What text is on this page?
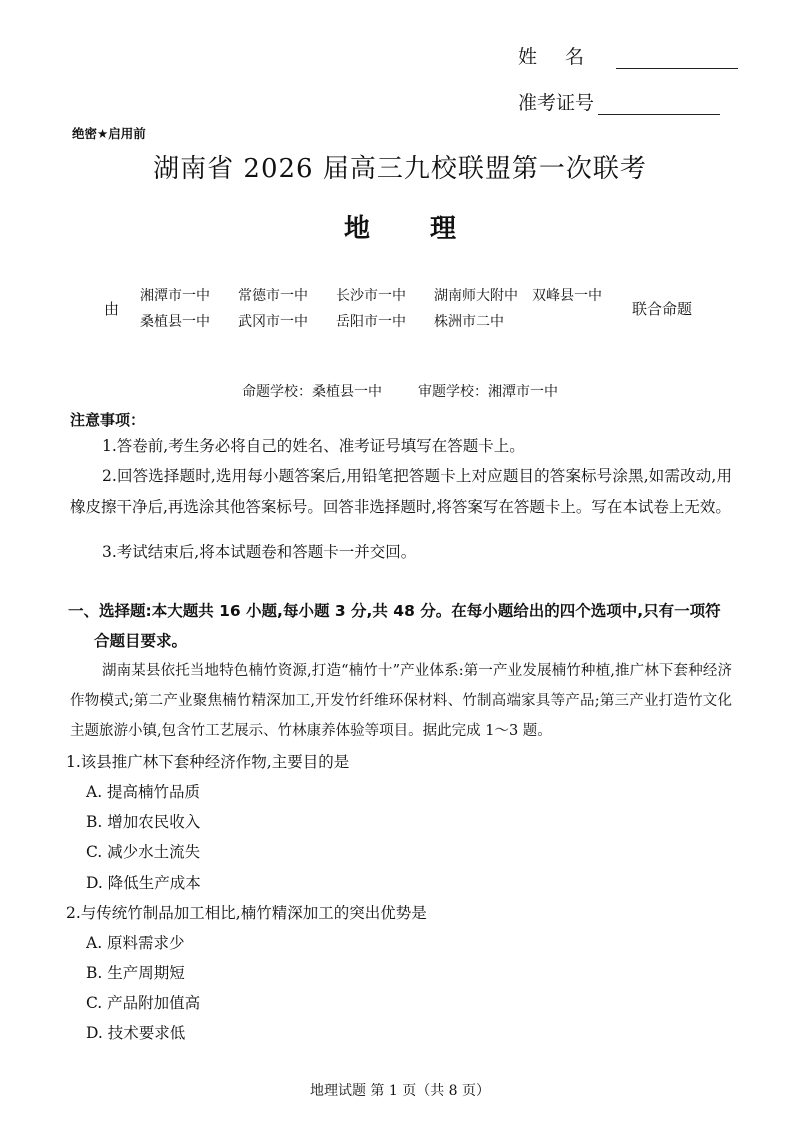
姓名
准考证号
绝密★启用前
湖南省 2026 届高三九校联盟第一次联考
地理
由
湘潭市一中	常德市一中	长沙市一中	湖南师大附中	双峰县一中
桑植县一中	武冈市一中	岳阳市一中	株洲市二中
联合命题
命题学校：桑植县一中	审题学校：湘潭市一中
注意事项：
1.答卷前,考生务必将自己的姓名、准考证号填写在答题卡上。
2.回答选择题时,选用每小题答案后,用铅笔把答题卡上对应题目的答案标号涂黑,如需改动,用橡皮擦干净后,再选涂其他答案标号。回答非选择题时,将答案写在答题卡上。写在本试卷上无效。
3.考试结束后,将本试题卷和答题卡一并交回。
一、选择题:本大题共 16 小题,每小题 3 分,共 48 分。在每小题给出的四个选项中,只有一项符
合题目要求。
湖南某县依托当地特色楠竹资源,打造“楠竹十”产业体系:第一产业发展楠竹种植,推广林下套种经济作物模式;第二产业聚焦楠竹精深加工,开发竹纤维环保材料、竹制高端家具等产品;第三产业打造竹文化主题旅游小镇,包含竹工艺展示、竹林康养体验等项目。据此完成 1～3 题。
1.该县推广林下套种经济作物,主要目的是
A. 提高楠竹品质
B. 增加农民收入
C. 减少水土流失
D. 降低生产成本
2.与传统竹制品加工相比,楠竹精深加工的突出优势是
A. 原料需求少
B. 生产周期短
C. 产品附加值高
D. 技术要求低
地理试题 第 1 页（共 8 页）
